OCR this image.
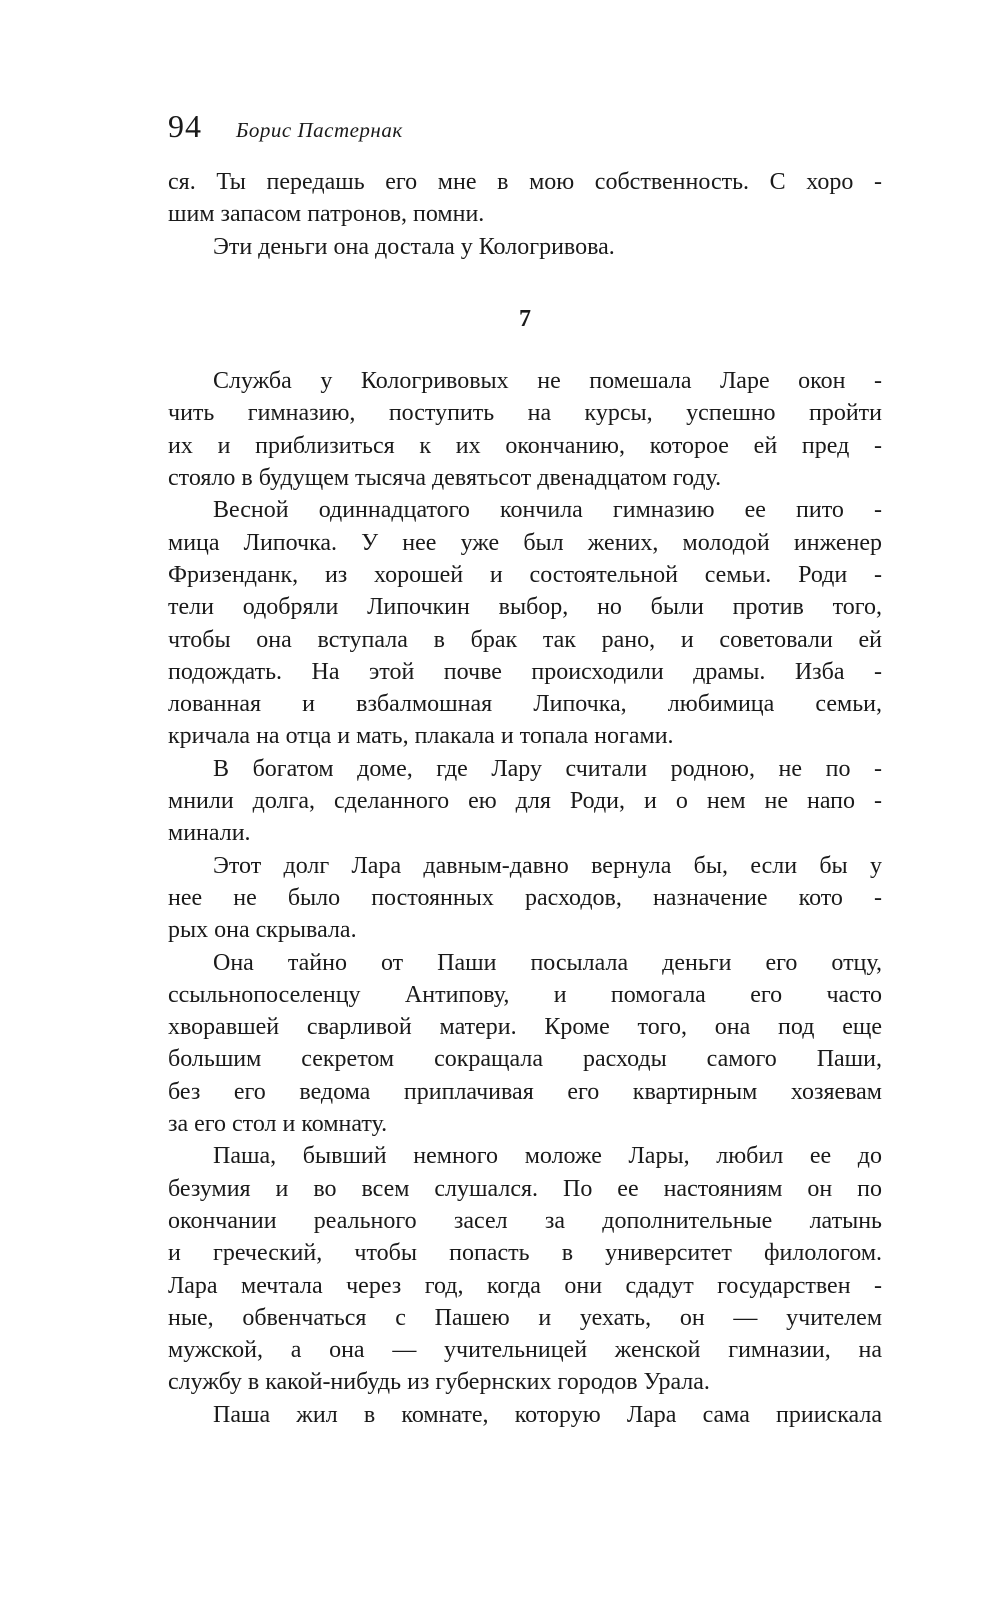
94 Борис Пастернак
ся. Ты передашь его мне в мою собственность. С хоро -
шим запасом патронов, помни.
Эти деньги она достала у Кологривова.
7
Служба у Кологривовых не помешала Ларе окон -
чить гимназию, поступить на курсы, успешно пройти
их и приблизиться к их окончанию, которое ей пред -
стояло в будущем тысяча девятьсот двенадцатом году.
Весной одиннадцатого кончила гимназию ее пито -
мица Липочка. У нее уже был жених, молодой инженер
Фризенданк, из хорошей и состоятельной семьи. Роди -
тели одобряли Липочкин выбор, но были против того,
чтобы она вступала в брак так рано, и советовали ей
подождать. На этой почве происходили драмы. Изба -
лованная и взбалмошная Липочка, любимица семьи,
кричала на отца и мать, плакала и топала ногами.
В богатом доме, где Лару считали родною, не по -
мнили долга, сделанного ею для Роди, и о нем не напо -
минали.
Этот долг Лара давным-давно вернула бы, если бы у
нее не было постоянных расходов, назначение кото -
рых она скрывала.
Она тайно от Паши посылала деньги его отцу,
ссыльнопоселенцу Антипову, и помогала его часто
хворавшей сварливой матери. Кроме того, она под еще
большим секретом сокращала расходы самого Паши,
без его ведома приплачивая его квартирным хозяевам
за его стол и комнату.
Паша, бывший немного моложе Лары, любил ее до
безумия и во всем слушался. По ее настояниям он по
окончании реального засел за дополнительные латынь
и греческий, чтобы попасть в университет филологом.
Лара мечтала через год, когда они сдадут государствен -
ные, обвенчаться с Пашею и уехать, он — учителем
мужской, а она — учительницей женской гимназии, на
службу в какой-нибудь из губернских городов Урала.
Паша жил в комнате, которую Лара сама приискала
